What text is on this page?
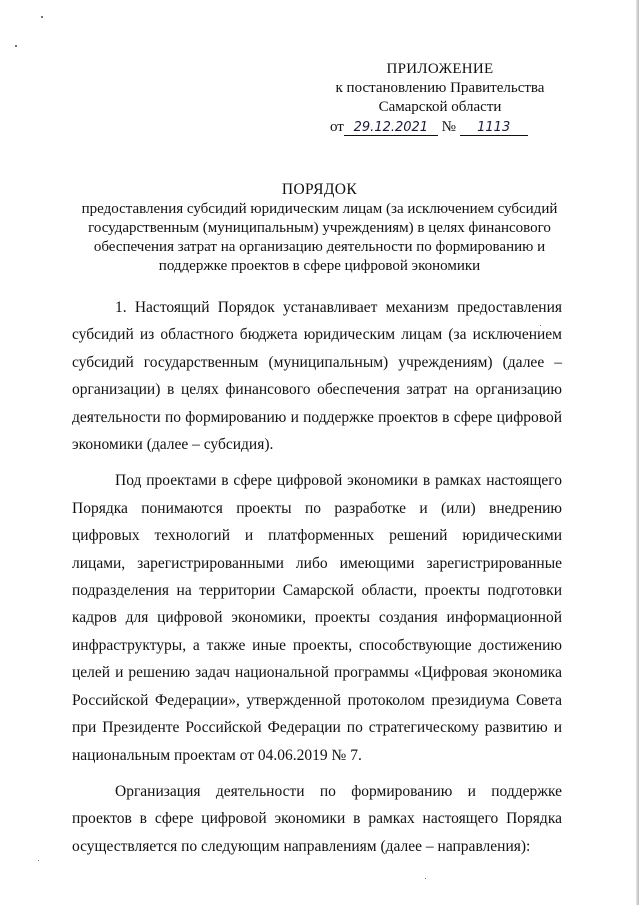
ПРИЛОЖЕНИЕ
к постановлению Правительства
Самарской области
от 29.12.2021 № 1113
ПОРЯДОК
предоставления субсидий юридическим лицам (за исключением субсидий
государственным (муниципальным) учреждениям) в целях финансового
обеспечения затрат на организацию деятельности по формированию и
поддержке проектов в сфере цифровой экономики

1. Настоящий Порядок устанавливает механизм предоставления субсидий из областного бюджета юридическим лицам (за исключением субсидий государственным (муниципальным) учреждениям) (далее – организации) в целях финансового обеспечения затрат на организацию деятельности по формированию и поддержке проектов в сфере цифровой экономики (далее – субсидия).

Под проектами в сфере цифровой экономики в рамках настоящего Порядка понимаются проекты по разработке и (или) внедрению цифровых технологий и платформенных решений юридическими лицами, зарегистрированными либо имеющими зарегистрированные подразделения на территории Самарской области, проекты подготовки кадров для цифровой экономики, проекты создания информационной инфраструктуры, а также иные проекты, способствующие достижению целей и решению задач национальной программы «Цифровая экономика Российской Федерации», утвержденной протоколом президиума Совета при Президенте Российской Федерации по стратегическому развитию и национальным проектам от 04.06.2019 № 7.

Организация деятельности по формированию и поддержке проектов в сфере цифровой экономики в рамках настоящего Порядка осуществляется по следующим направлениям (далее – направления):
